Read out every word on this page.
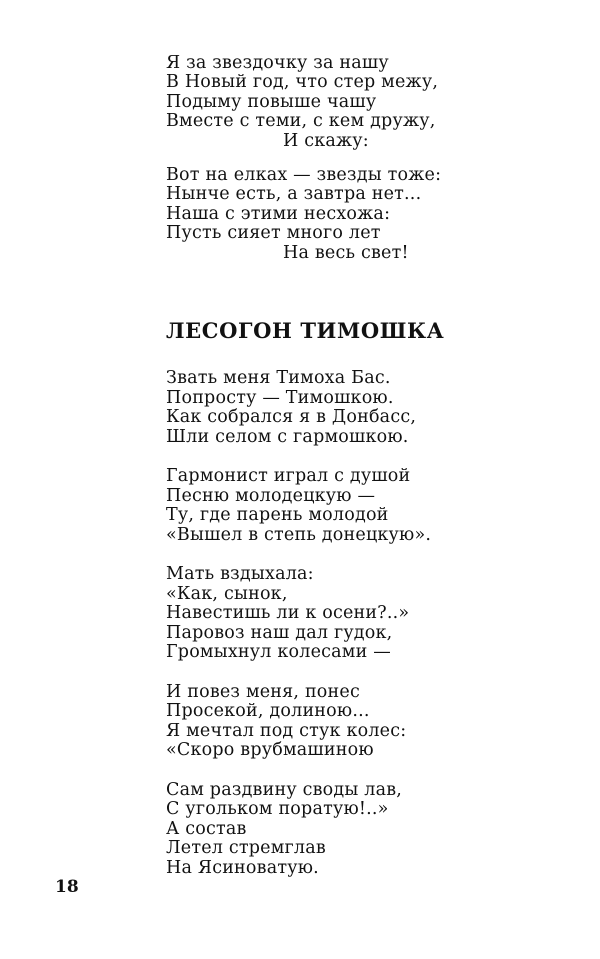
Я за звездочку за нашу
В Новый год, что стер межу,
Подыму повыше чашу
Вместе с теми, с кем дружу,
И скажу:
Вот на елках — звезды тоже:
Нынче есть, а завтра нет...
Наша с этими несхожа:
Пусть сияет много лет
На весь свет!
ЛЕСОГОН ТИМОШКА
Звать меня Тимоха Бас.
Попросту — Тимошкою.
Как собрался я в Донбасс,
Шли селом с гармошкою.
Гармонист играл с душой
Песню молодецкую —
Ту, где парень молодой
«Вышел в степь донецкую».
Мать вздыхала:
«Как, сынок,
Навестишь ли к осени?..»
Паровоз наш дал гудок,
Громыхнул колесами —
И повез меня, понес
Просекой, долиною...
Я мечтал под стук колес:
«Скоро врубмашиною
Сам раздвину своды лав,
С угольком поратую!..»
А состав
Летел стремглав
На Ясиноватую.
18
